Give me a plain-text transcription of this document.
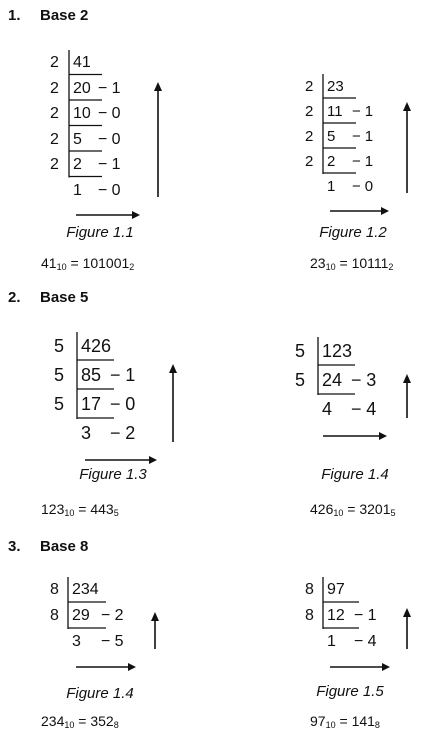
1. Base 2
2. Base 5
3. Base 8
2 41
2 20 − 1
2 10 − 0
2 5 − 0
2 2 − 1
1 − 0
2 23
2 11 − 1
2 5 − 1
2 2 − 1
1 − 0
5 426
5 85 − 1
5 17 − 0
3 − 2
5 123
5 24 − 3
4 − 4
8 234
8 29 − 2
3 − 5
8 97
8 12 − 1
1 − 4
Figure 1.1	Figure 1.2
Figure 1.3	Figure 1.4
Figure 1.4	Figure 1.5
$41_{10} = 101001_2$	$23_{10} = 10111_2$
$123_{10} = 443_5$	$426_{10} = 3201_5$
$234_{10} = 352_8$	$97_{10} = 141_8$
